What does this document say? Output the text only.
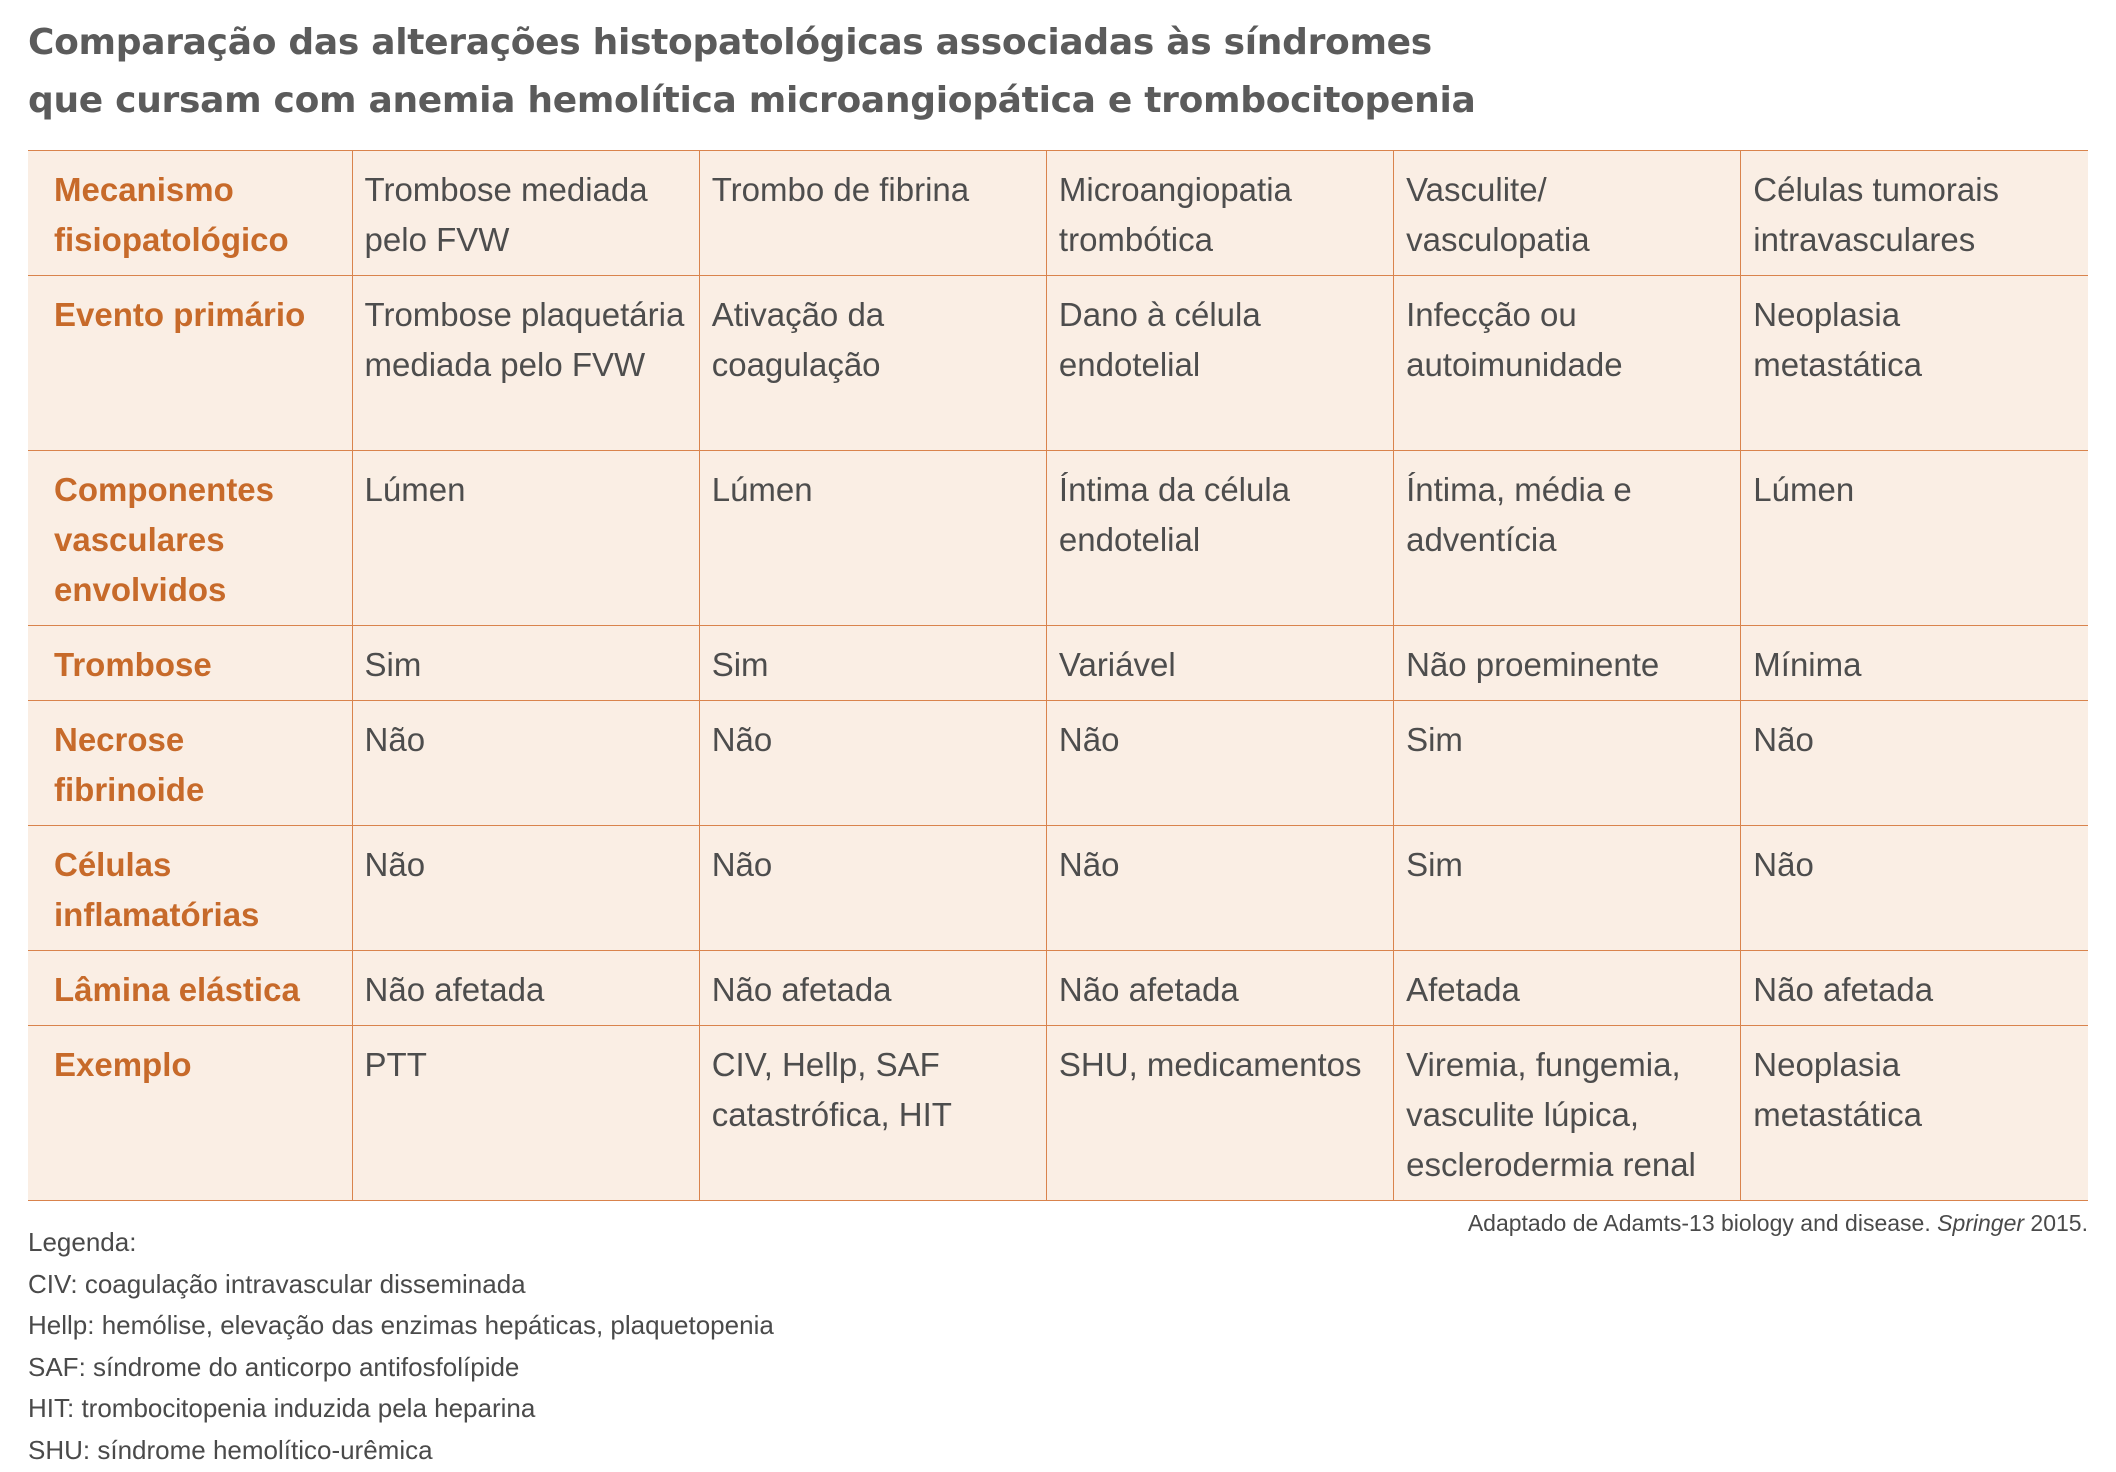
Comparação das alterações histopatológicas associadas às síndromes
que cursam com anemia hemolítica microangiopática e trombocitopenia
Mecanismo fisiopatológico	Trombose mediada pelo FVW	Trombo de fibrina	Microangiopatia trombótica	Vasculite/ vasculopatia	Células tumorais intravasculares
Evento primário	Trombose plaquetária mediada pelo FVW	Ativação da coagulação	Dano à célula endotelial	Infecção ou autoimunidade	Neoplasia metastática
Componentes vasculares envolvidos	Lúmen	Lúmen	Íntima da célula endotelial	Íntima, média e adventícia	Lúmen
Trombose	Sim	Sim	Variável	Não proeminente	Mínima
Necrose fibrinoide	Não	Não	Não	Sim	Não
Células inflamatórias	Não	Não	Não	Sim	Não
Lâmina elástica	Não afetada	Não afetada	Não afetada	Afetada	Não afetada
Exemplo	PTT	CIV, Hellp, SAF catastrófica, HIT	SHU, medicamentos	Viremia, fungemia, vasculite lúpica, esclerodermia renal	Neoplasia metastática
Adaptado de Adamts-13 biology and disease. Springer 2015.
Legenda:
CIV: coagulação intravascular disseminada
Hellp: hemólise, elevação das enzimas hepáticas, plaquetopenia
SAF: síndrome do anticorpo antifosfolípide
HIT: trombocitopenia induzida pela heparina
SHU: síndrome hemolítico-urêmica
